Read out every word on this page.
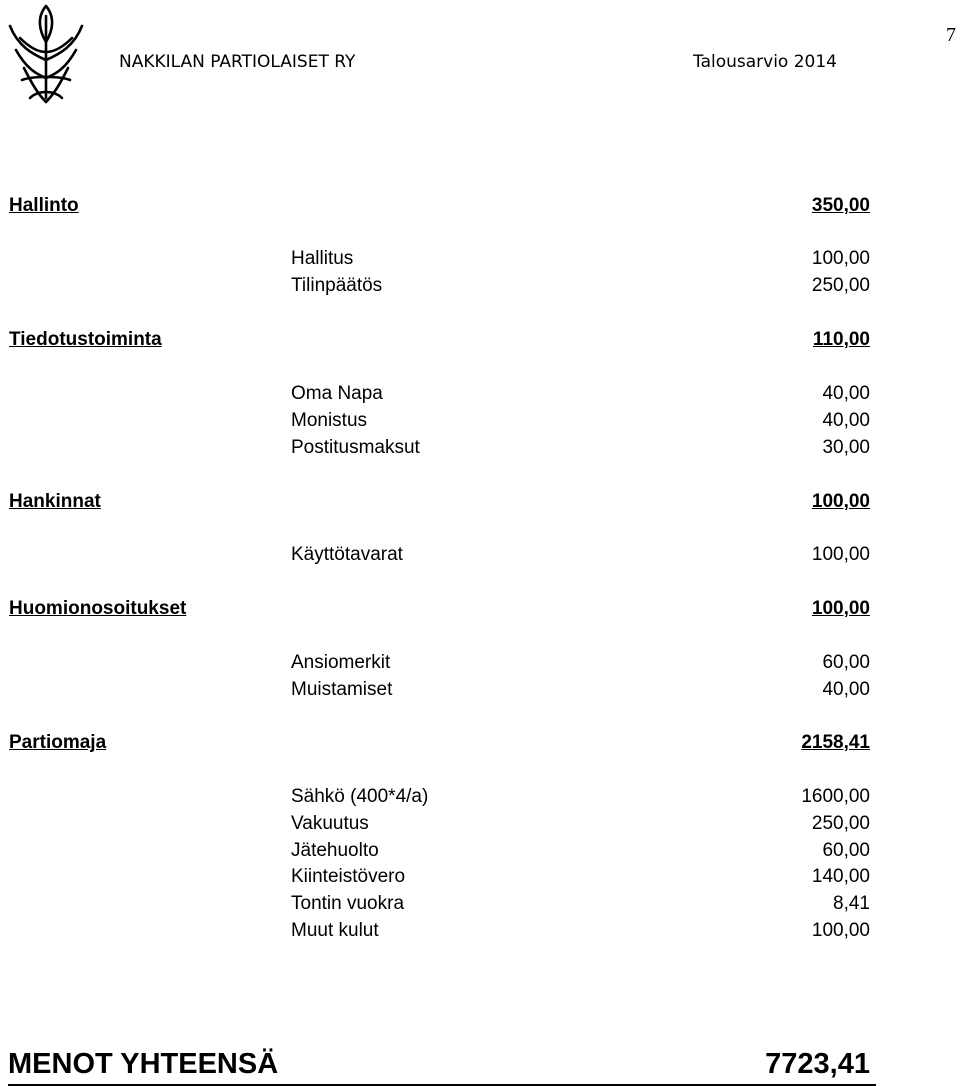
NAKKILAN PARTIOLAISET RY	Talousarvio 2014
7
Hallinto	350,00
Hallitus	100,00
Tilinpäätös	250,00
Tiedotustoiminta	110,00
Oma Napa	40,00
Monistus	40,00
Postitusmaksut	30,00
Hankinnat	100,00
Käyttötavarat	100,00
Huomionosoitukset	100,00
Ansiomerkit	60,00
Muistamiset	40,00
Partiomaja	2158,41
Sähkö (400*4/a)	1600,00
Vakuutus	250,00
Jätehuolto	60,00
Kiinteistövero	140,00
Tontin vuokra	8,41
Muut kulut	100,00
MENOT YHTEENSÄ	7723,41
